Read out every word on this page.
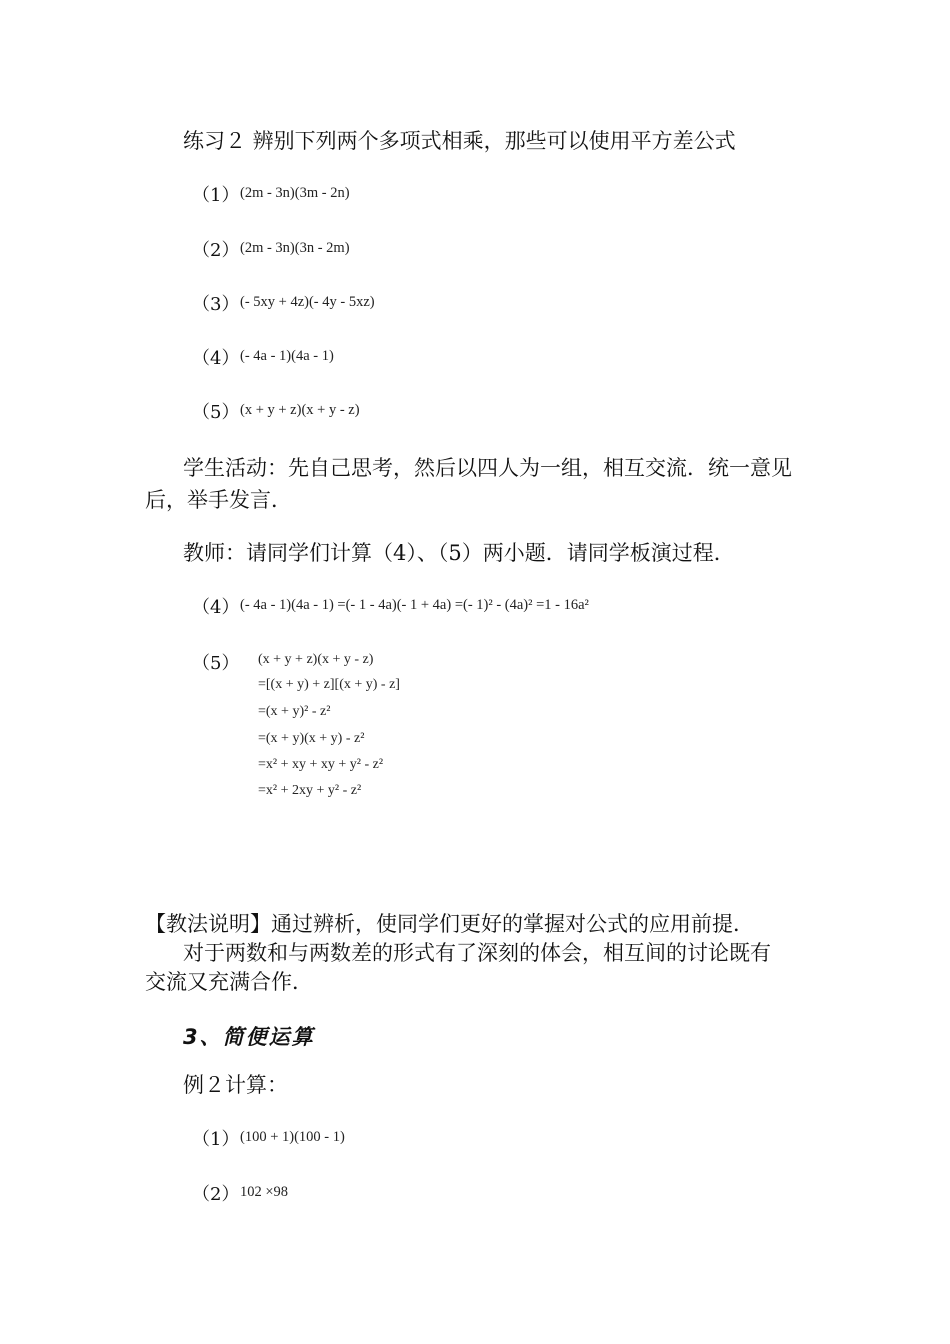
练习２ 辨别下列两个多项式相乘，那些可以使用平方差公式
（1） (2m - 3n)(3m - 2n)
（2） (2m - 3n)(3n - 2m)
（3） (- 5xy + 4z)(- 4y - 5xz)
（4） (- 4a - 1)(4a - 1)
（5） (x + y + z)(x + y - z)
学生活动：先自己思考，然后以四人为一组，相互交流．统一意见
后，举手发言．
教师：请同学们计算（4）、（5）两小题．请同学板演过程．
（4） (- 4a - 1)(4a - 1) =(- 1 - 4a)(- 1 + 4a) =(- 1)² - (4a)² =1 - 16a²
（5） (x + y + z)(x + y - z)
=[(x + y) + z][(x + y) - z]
=(x + y)² - z²
=(x + y)(x + y) - z²
=x² + xy + xy + y² - z²
=x² + 2xy + y² - z²
【教法说明】通过辨析，使同学们更好的掌握对公式的应用前提．
对于两数和与两数差的形式有了深刻的体会，相互间的讨论既有
交流又充满合作．
3、简便运算
例２计算：
（1） (100 + 1)(100 - 1)
（2） 102 ×98
